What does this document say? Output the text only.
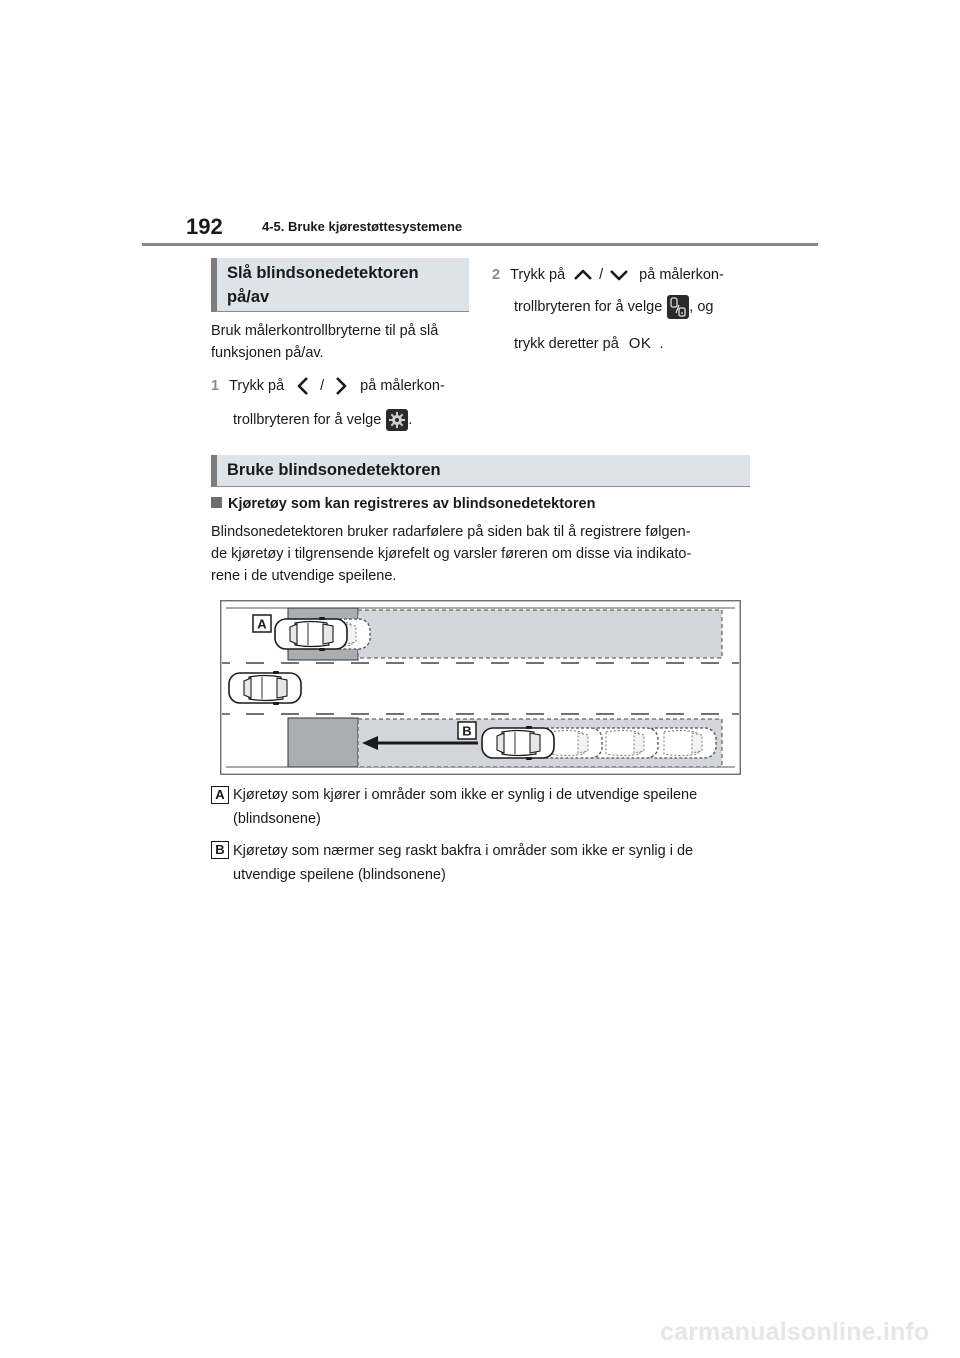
192	4-5. Bruke kjørestøttesystemene
Slå blindsonedetektoren
på/av
Bruk målerkontrollbryterne til på slå
funksjonen på/av.
1 Trykk på / på målerkon-
trollbryteren for å velge .
2 Trykk på / på målerkon-
trollbryteren for å velge , og
trykk deretter på OK .
Bruke blindsonedetektoren
Kjøretøy som kan registreres av blindsonedetektoren
Blindsonedetektoren bruker radarfølere på siden bak til å registrere følgen-
de kjøretøy i tilgrensende kjørefelt og varsler føreren om disse via indikato-
rene i de utvendige speilene.
A
B
A Kjøretøy som kjører i områder som ikke er synlig i de utvendige speilene
(blindsonene)
B Kjøretøy som nærmer seg raskt bakfra i områder som ikke er synlig i de
utvendige speilene (blindsonene)
carmanualsonline.info
